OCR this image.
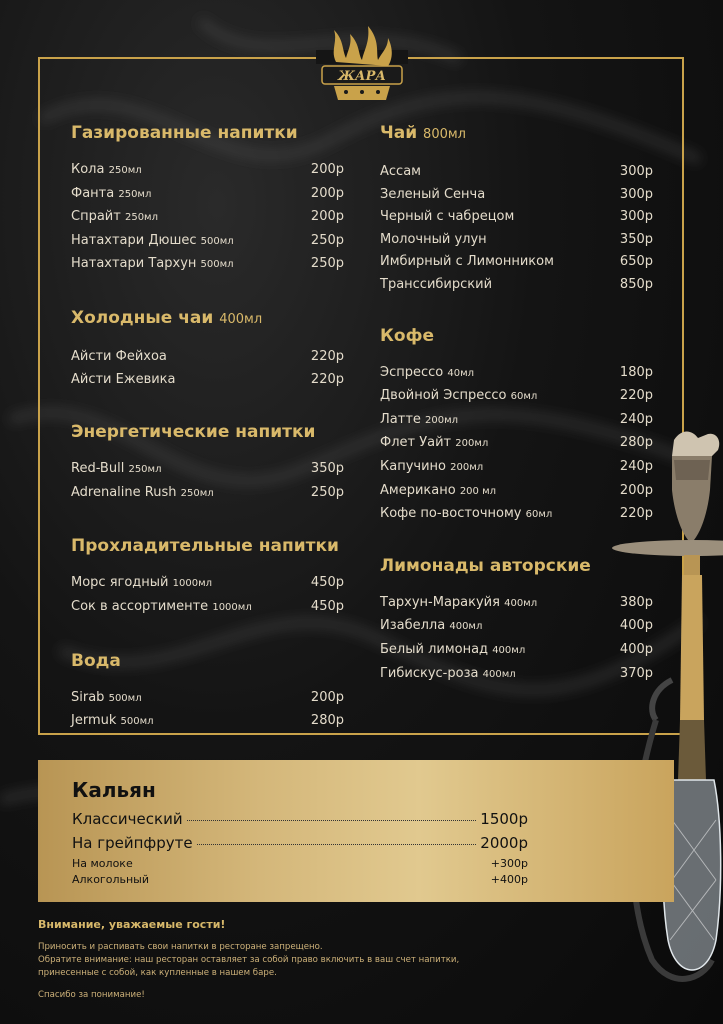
ЖАРА
Газированные напитки
Кола 250мл	200р
Фанта 250мл	200р
Спрайт 250мл	200р
Натахтари Дюшес 500мл	250р
Натахтари Тархун 500мл	250р
Холодные чаи 400мл
Айсти Фейхоа	220р
Айсти Ежевика	220р
Энергетические напитки
Red-Bull 250мл	350р
Adrenaline Rush 250мл	250р
Прохладительные напитки
Морс ягодный 1000мл	450р
Сок в ассортименте 1000мл	450р
Вода
Sirab 500мл	200р
Jermuk 500мл	280р
Чай 800мл
Ассам	300р
Зеленый Сенча	300р
Черный с чабрецом	300р
Молочный улун	350р
Имбирный с Лимонником	650р
Транссибирский	850р
Кофе
Эспрессо 40мл	180р
Двойной Эспрессо 60мл	220р
Латте 200мл	240р
Флет Уайт 200мл	280р
Капучино 200мл	240р
Американо 200 мл	200р
Кофе по-восточному 60мл	220р
Лимонады авторские
Тархун-Маракуйя 400мл	380р
Изабелла 400мл	400р
Белый лимонад 400мл	400р
Гибискус-роза 400мл	370р
Кальян
Классический	1500р
На грейпфруте	2000р
На молоке	+300р
Алкогольный	+400р
Внимание, уважаемые гости!

Приносить и распивать свои напитки в ресторане запрещено.

Обратите внимание: наш ресторан оставляет за собой право включить в ваш счет напитки,

принесенные с собой, как купленные в нашем баре.

Спасибо за понимание!
